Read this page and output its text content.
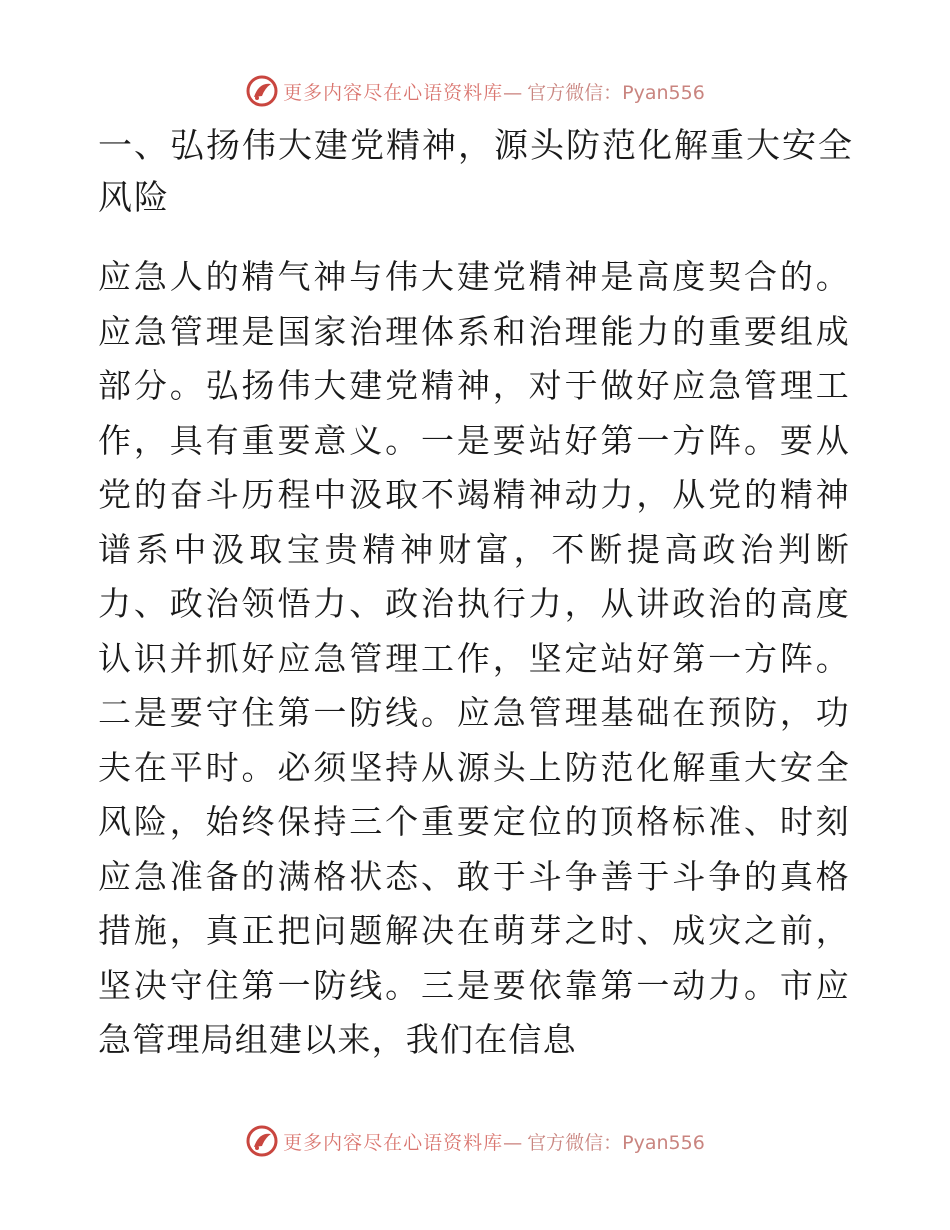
更多内容尽在心语资料库— 官方微信：Pyan556
一、弘扬伟大建党精神，源头防范化解重大安全风险

应急人的精气神与伟大建党精神是高度契合的。应急管理是国家治理体系和治理能力的重要组成部分。弘扬伟大建党精神，对于做好应急管理工作，具有重要意义。一是要站好第一方阵。要从党的奋斗历程中汲取不竭精神动力，从党的精神谱系中汲取宝贵精神财富，不断提高政治判断力、政治领悟力、政治执行力，从讲政治的高度认识并抓好应急管理工作，坚定站好第一方阵。二是要守住第一防线。应急管理基础在预防，功夫在平时。必须坚持从源头上防范化解重大安全风险，始终保持三个重要定位的顶格标准、时刻应急准备的满格状态、敢于斗争善于斗争的真格措施，真正把问题解决在萌芽之时、成灾之前，坚决守住第一防线。三是要依靠第一动力。市应急管理局组建以来，我们在信息

更多内容尽在心语资料库— 官方微信：Pyan556
